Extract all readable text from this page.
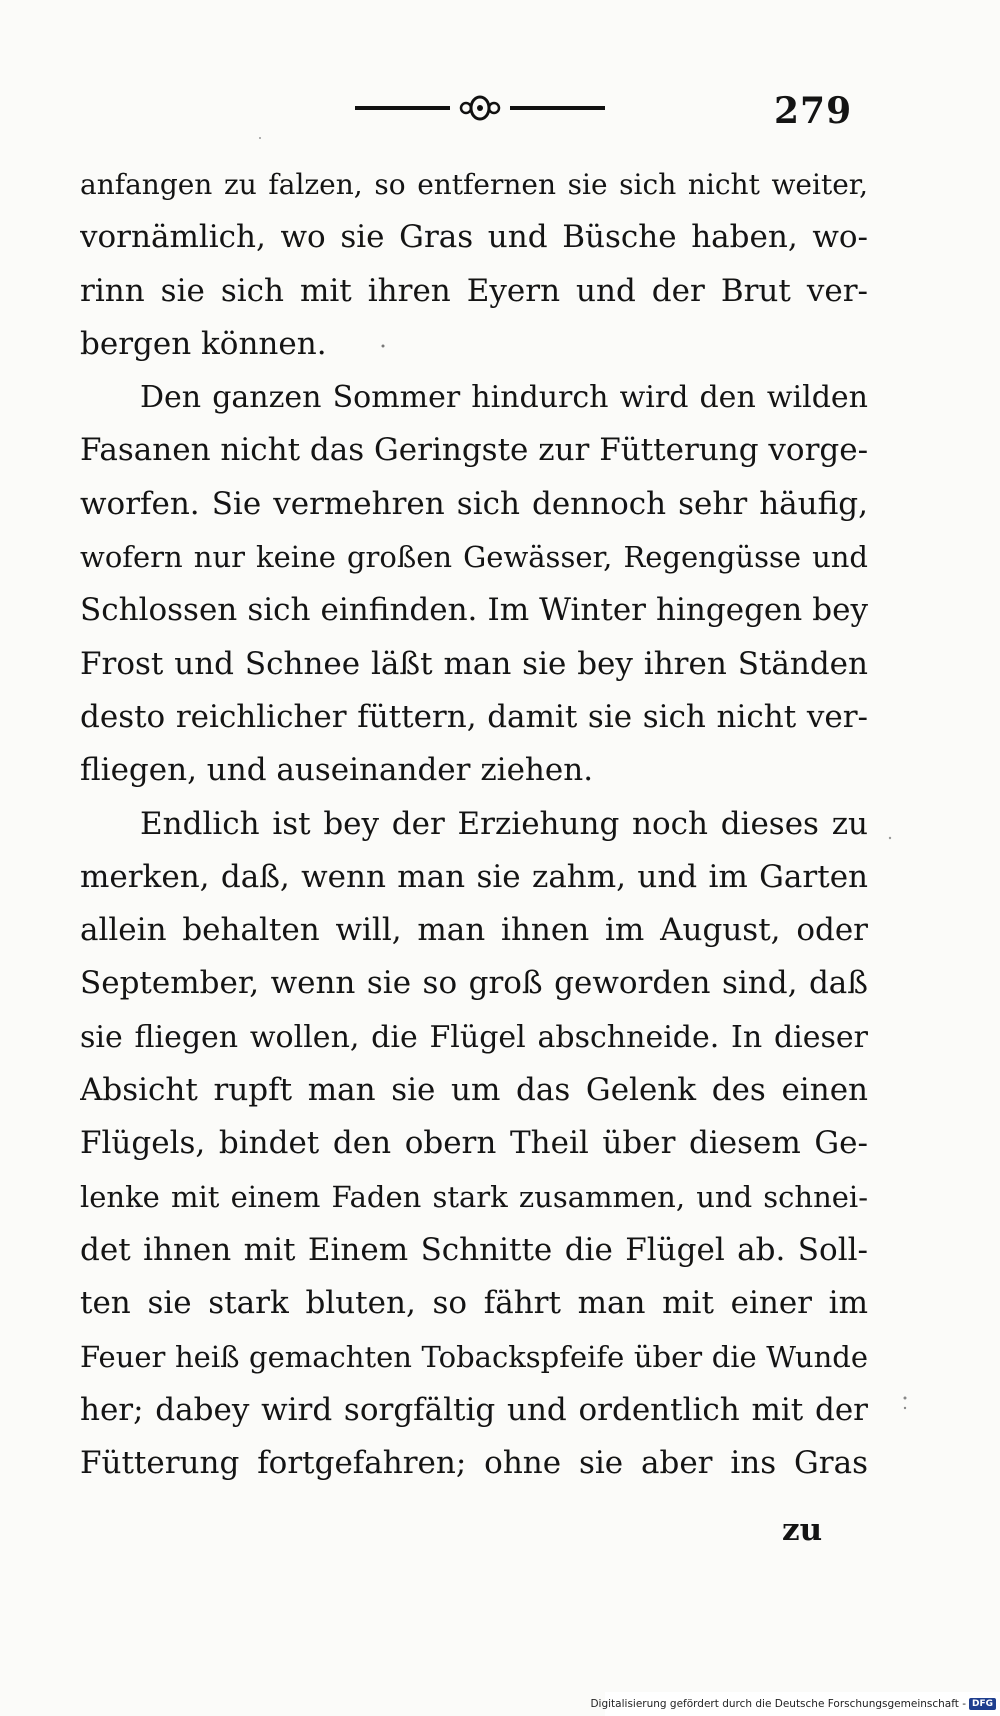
279
anfangen zu falzen, so entfernen sie sich nicht weiter,
vornämlich, wo sie Gras und Büsche haben, wo-
rinn sie sich mit ihren Eyern und der Brut ver-
bergen können.
Den ganzen Sommer hindurch wird den wilden
Fasanen nicht das Geringste zur Fütterung vorge-
worfen. Sie vermehren sich dennoch sehr häufig,
wofern nur keine großen Gewässer, Regengüsse und
Schlossen sich einfinden. Im Winter hingegen bey
Frost und Schnee läßt man sie bey ihren Ständen
desto reichlicher füttern, damit sie sich nicht ver-
fliegen, und auseinander ziehen.
Endlich ist bey der Erziehung noch dieses zu
merken, daß, wenn man sie zahm, und im Garten
allein behalten will, man ihnen im August, oder
September, wenn sie so groß geworden sind, daß
sie fliegen wollen, die Flügel abschneide. In dieser
Absicht rupft man sie um das Gelenk des einen
Flügels, bindet den obern Theil über diesem Ge-
lenke mit einem Faden stark zusammen, und schnei-
det ihnen mit Einem Schnitte die Flügel ab. Soll-
ten sie stark bluten, so fährt man mit einer im
Feuer heiß gemachten Tobackspfeife über die Wunde
her; dabey wird sorgfältig und ordentlich mit der
Fütterung fortgefahren; ohne sie aber ins Gras
zu
Digitalisierung gefördert durch die Deutsche Forschungsgemeinschaft - DFG
